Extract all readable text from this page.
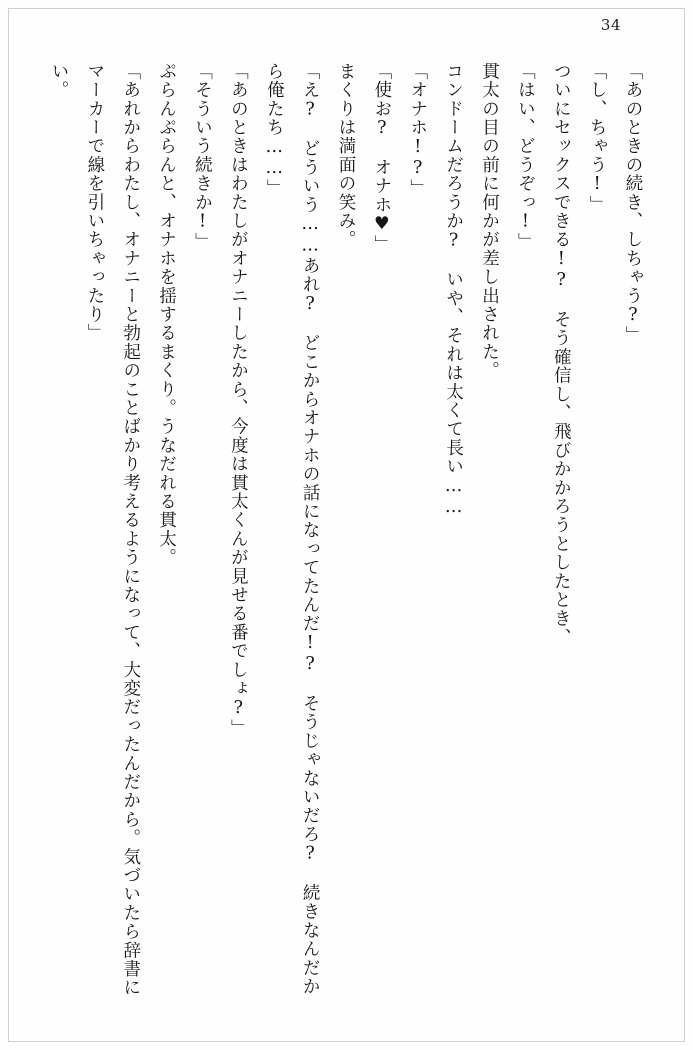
34

「あのときの続き、しちゃう?」

「し、ちゃう!」

ついにセックスできる!?　そう確信し、飛びかかろうとしたとき、

「はい、どうぞっ!」

貫太の目の前に何かが差し出された。

コンドームだろうか?　いや、それは太くて長い……

「オナホ!?」

「使お?　オナホ♥」

まくりは満面の笑み。

「え?　どういう……あれ?　どこからオナホの話になってたんだ!?　そうじゃないだろ?　続きなんだから俺たち……」

「あのときはわたしがオナニーしたから、今度は貫太くんが見せる番でしょ?」

「そういう続きか!」

ぷらんぷらんと、オナホを揺するまくり。うなだれる貫太。

「あれからわたし、オナニーと勃起のことばかり考えるようになって、大変だったんだから。気づいたら辞書にマーカーで線を引いちゃったり」

い。
